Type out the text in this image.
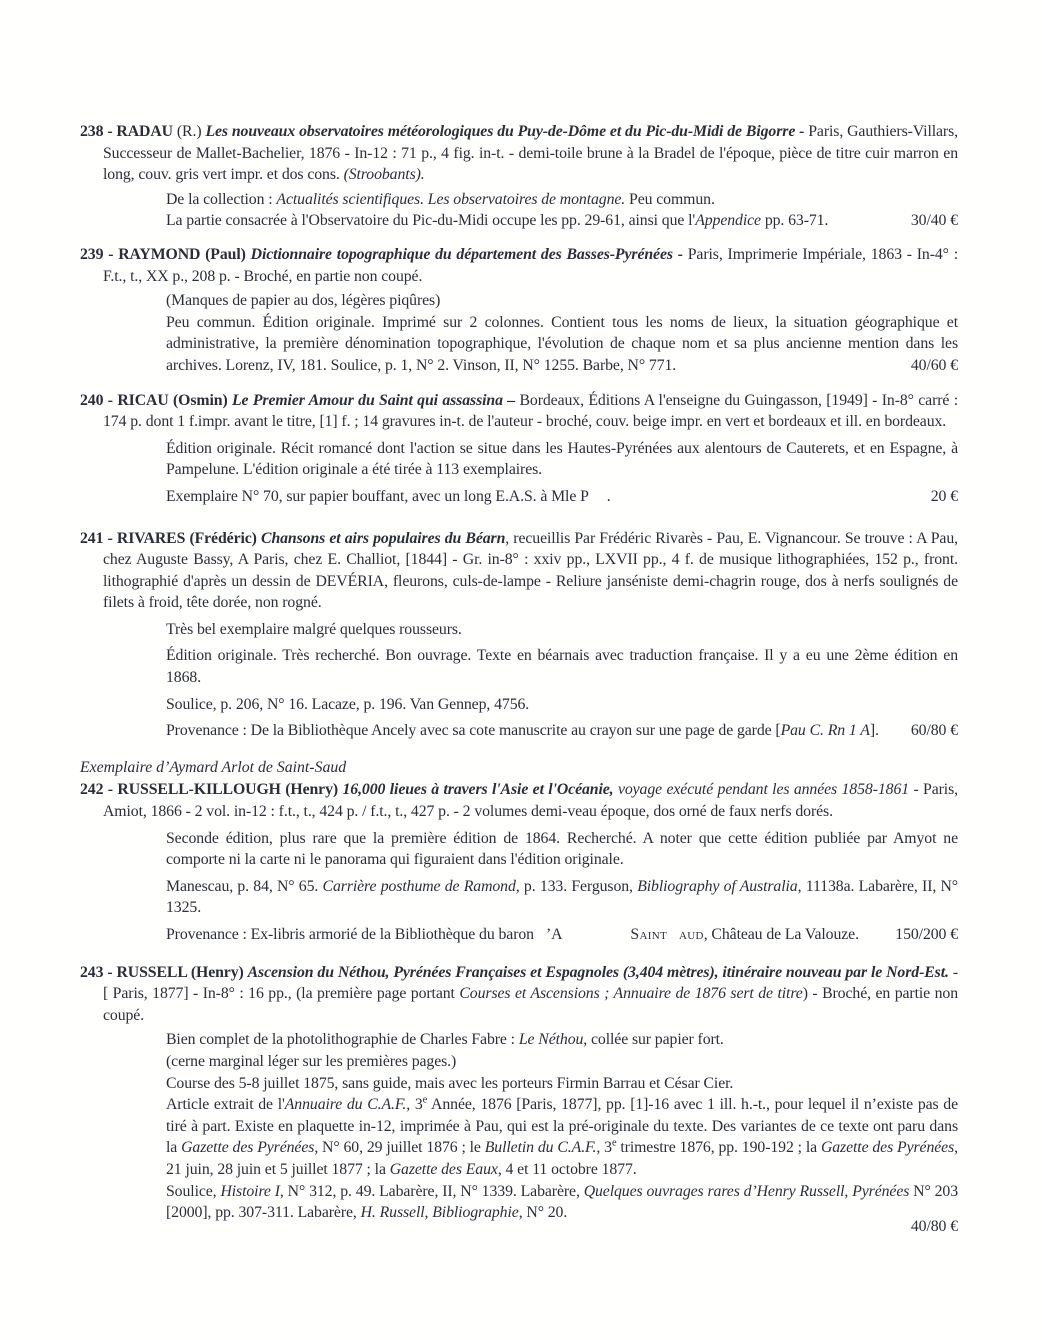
238 - RADAU (R.) Les nouveaux observatoires météorologiques du Puy-de-Dôme et du Pic-du-Midi de Bigorre - Paris, Gauthiers-Villars, Successeur de Mallet-Bachelier, 1876 - In-12 : 71 p., 4 fig. in-t. - demi-toile brune à la Bradel de l'époque, pièce de titre cuir marron en long, couv. gris vert impr. et dos cons. (Stroobants).

De la collection : Actualités scientifiques. Les observatoires de montagne. Peu commun.

La partie consacrée à l'Observatoire du Pic-du-Midi occupe les pp. 29-61, ainsi que l'Appendice pp. 63-71.	30/40 €

239 - RAYMOND (Paul) Dictionnaire topographique du département des Basses-Pyrénées - Paris, Imprimerie Impériale, 1863 - In-4° : F.t., t., XX p., 208 p. - Broché, en partie non coupé.

(Manques de papier au dos, légères piqûres)

Peu commun. Édition originale. Imprimé sur 2 colonnes. Contient tous les noms de lieux, la situation géographique et administrative, la première dénomination topographique, l'évolution de chaque nom et sa plus ancienne mention dans les archives. Lorenz, IV, 181. Soulice, p. 1, N° 2. Vinson, II, N° 1255. Barbe, N° 771.	40/60 €

240 - RICAU (Osmin) Le Premier Amour du Saint qui assassina – Bordeaux, Éditions A l'enseigne du Guingasson, [1949] - In-8° carré : 174 p. dont 1 f.impr. avant le titre, [1] f. ; 14 gravures in-t. de l'auteur - broché, couv. beige impr. en vert et bordeaux et ill. en bordeaux.

Édition originale. Récit romancé dont l'action se situe dans les Hautes-Pyrénées aux alentours de Cauterets, et en Espagne, à Pampelune. L'édition originale a été tirée à 113 exemplaires.

Exemplaire N° 70, sur papier bouffant, avec un long E.A.S. à Mle P .	20 €

241 - RIVARES (Frédéric) Chansons et airs populaires du Béarn, recueillis Par Frédéric Rivarès - Pau, E. Vignancour. Se trouve : A Pau, chez Auguste Bassy, A Paris, chez E. Challiot, [1844] - Gr. in-8° : xxiv pp., LXVII pp., 4 f. de musique lithographiées, 152 p., front. lithographié d'après un dessin de DEVÉRIA, fleurons, culs-de-lampe - Reliure janséniste demi-chagrin rouge, dos à nerfs soulignés de filets à froid, tête dorée, non rogné.

Très bel exemplaire malgré quelques rousseurs.

Édition originale. Très recherché. Bon ouvrage. Texte en béarnais avec traduction française. Il y a eu une 2ème édition en 1868.

Soulice, p. 206, N° 16. Lacaze, p. 196. Van Gennep, 4756.

Provenance : De la Bibliothèque Ancely avec sa cote manuscrite au crayon sur une page de garde [Pau C. Rn 1 A]. 60/80 €

Exemplaire d’Aymard Arlot de Saint-Saud

242 - RUSSELL-KILLOUGH (Henry) 16,000 lieues à travers l'Asie et l'Océanie, voyage exécuté pendant les années 1858-1861 - Paris, Amiot, 1866 - 2 vol. in-12 : f.t., t., 424 p. / f.t., t., 427 p. - 2 volumes demi-veau époque, dos orné de faux nerfs dorés.

Seconde édition, plus rare que la première édition de 1864. Recherché. A noter que cette édition publiée par Amyot ne comporte ni la carte ni le panorama qui figuraient dans l'édition originale.

Manescau, p. 84, N° 65. Carrière posthume de Ramond, p. 133. Ferguson, Bibliography of Australia, 11138a. Labarère, II, N° 1325.

Provenance : Ex-libris armorié de la Bibliothèque du baron ’A	Saint aud, Château de La Valouze. 150/200 €

243 - RUSSELL (Henry) Ascension du Néthou, Pyrénées Françaises et Espagnoles (3,404 mètres), itinéraire nouveau par le Nord-Est. - [ Paris, 1877] - In-8° : 16 pp., (la première page portant Courses et Ascensions ; Annuaire de 1876 sert de titre) - Broché, en partie non coupé.

Bien complet de la photolithographie de Charles Fabre : Le Néthou, collée sur papier fort.

(cerne marginal léger sur les premières pages.)

Course des 5-8 juillet 1875, sans guide, mais avec les porteurs Firmin Barrau et César Cier.

Article extrait de l'Annuaire du C.A.F., 3e Année, 1876 [Paris, 1877], pp. [1]-16 avec 1 ill. h.-t., pour lequel il n’existe pas de tiré à part. Existe en plaquette in-12, imprimée à Pau, qui est la pré-originale du texte. Des variantes de ce texte ont paru dans la Gazette des Pyrénées, N° 60, 29 juillet 1876 ; le Bulletin du C.A.F., 3e trimestre 1876, pp. 190-192 ; la Gazette des Pyrénées, 21 juin, 28 juin et 5 juillet 1877 ; la Gazette des Eaux, 4 et 11 octobre 1877.

Soulice, Histoire I, N° 312, p. 49. Labarère, II, N° 1339. Labarère, Quelques ouvrages rares d’Henry Russell, Pyrénées N° 203 [2000], pp. 307-311. Labarère, H. Russell, Bibliographie, N° 20.
40/80 €
